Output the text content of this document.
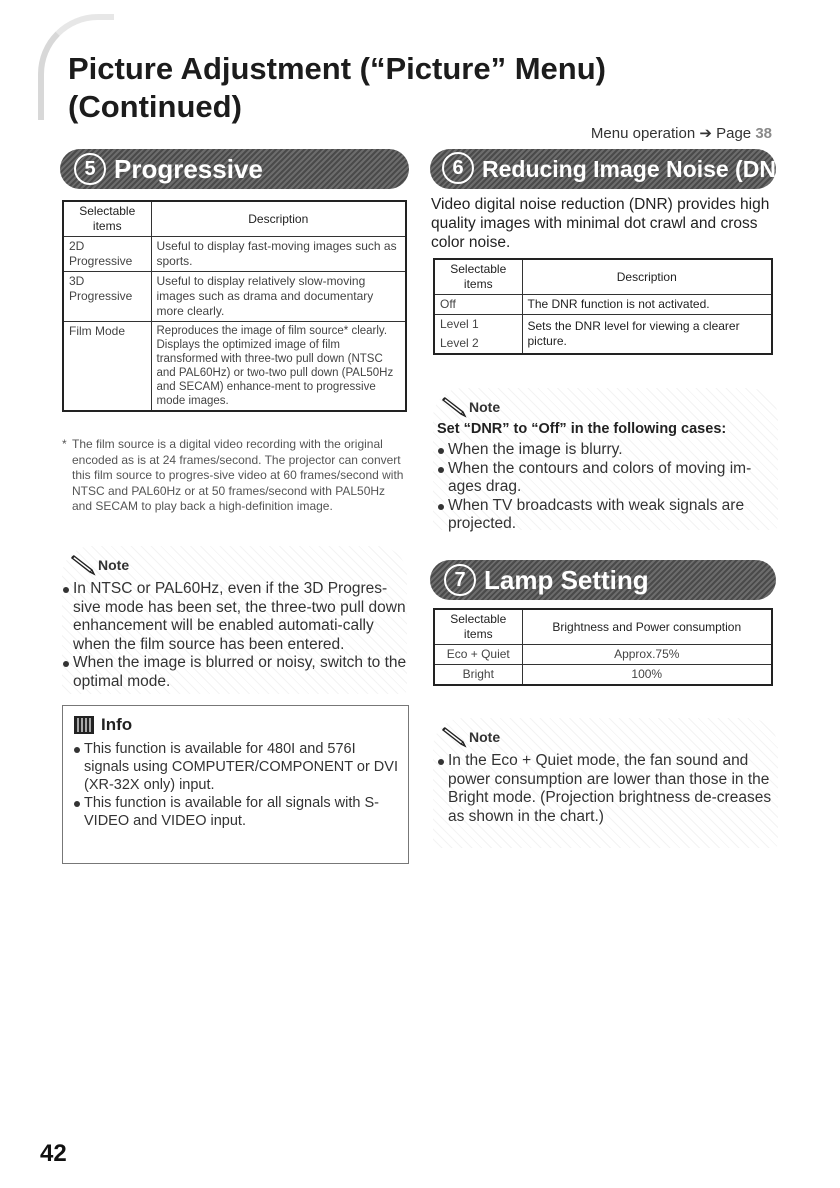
Picture Adjustment (“Picture” Menu)
(Continued)
Menu operation ➔ Page 38
5 Progressive
Selectable items	Description
2D Progressive	Useful to display fast-moving images such as sports.
3D Progressive	Useful to display relatively slow-moving images such as drama and documentary more clearly.
Film Mode	Reproduces the image of film source* clearly. Displays the optimized image of film transformed with three-two pull down (NTSC and PAL60Hz) or two-two pull down (PAL50Hz and SECAM) enhance-ment to progressive mode images.
* The film source is a digital video recording with the original encoded as is at 24 frames/second. The projector can convert this film source to progres-sive video at 60 frames/second with NTSC and PAL60Hz or at 50 frames/second with PAL50Hz and SECAM to play back a high-definition image.
Note
In NTSC or PAL60Hz, even if the 3D Progres-sive mode has been set, the three-two pull down enhancement will be enabled automati-cally when the film source has been entered.
When the image is blurred or noisy, switch to the optimal mode.
Info
This function is available for 480I and 576I signals using COMPUTER/COMPONENT or DVI (XR-32X only) input.
This function is available for all signals with S-VIDEO and VIDEO input.
6 Reducing Image Noise (DNR)
Video digital noise reduction (DNR) provides high quality images with minimal dot crawl and cross color noise.
Selectable items	Description
Off	The DNR function is not activated.
Level 1	Sets the DNR level for viewing a clearer picture.
Level 2	
Note
Set “DNR” to “Off” in the following cases:
When the image is blurry.
When the contours and colors of moving im-ages drag.
When TV broadcasts with weak signals are projected.
7 Lamp Setting
Selectable items	Brightness and Power consumption
Eco + Quiet	Approx.75%
Bright	100%
Note
In the Eco + Quiet mode, the fan sound and power consumption are lower than those in the Bright mode. (Projection brightness de-creases as shown in the chart.)
42
